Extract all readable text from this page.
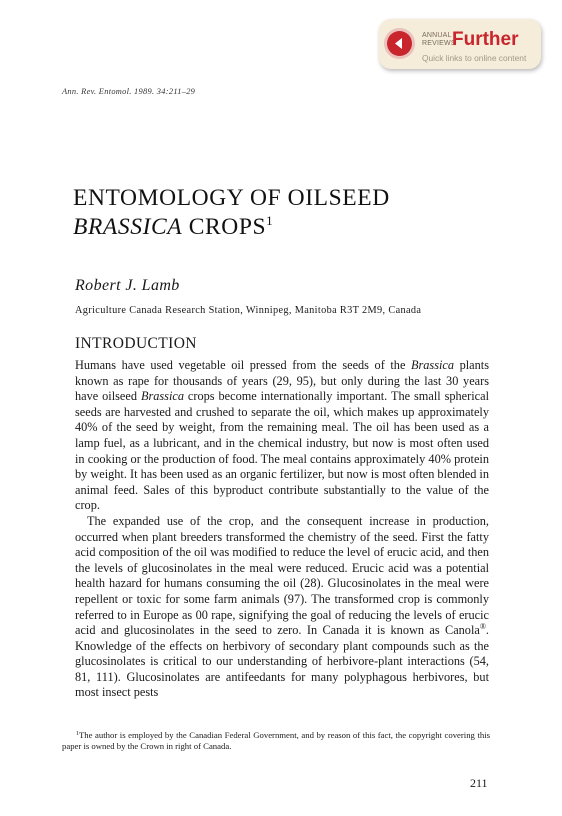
ANNUAL
REVIEWS
Further
Quick links to online content
Ann. Rev. Entomol. 1989. 34:211–29
ENTOMOLOGY OF OILSEED
BRASSICA CROPS$^1$
Robert J. Lamb
Agriculture Canada Research Station, Winnipeg, Manitoba R3T 2M9, Canada
INTRODUCTION

Humans have used vegetable oil pressed from the seeds of the Brassica plants known as rape for thousands of years (29, 95), but only during the last 30 years have oilseed Brassica crops become internationally important. The small spherical seeds are harvested and crushed to separate the oil, which makes up approximately 40% of the seed by weight, from the remaining meal. The oil has been used as a lamp fuel, as a lubricant, and in the chemical industry, but now is most often used in cooking or the production of food. The meal contains approximately 40% protein by weight. It has been used as an organic fertilizer, but now is most often blended in animal feed. Sales of this byproduct contribute substantially to the value of the crop.

The expanded use of the crop, and the consequent increase in production, occurred when plant breeders transformed the chemistry of the seed. First the fatty acid composition of the oil was modified to reduce the level of erucic acid, and then the levels of glucosinolates in the meal were reduced. Erucic acid was a potential health hazard for humans consuming the oil (28). Glucosinolates in the meal were repellent or toxic for some farm animals (97). The transformed crop is commonly referred to in Europe as 00 rape, signifying the goal of reducing the levels of erucic acid and glucosinolates in the seed to zero. In Canada it is known as Canola®. Knowledge of the effects on herbivory of secondary plant compounds such as the glucosinolates is critical to our understanding of herbivore-plant interactions (54, 81, 111). Glucosinolates are antifeedants for many polyphagous herbivores, but most insect pests

$^1$The author is employed by the Canadian Federal Government, and by reason of this fact, the copyright covering this paper is owned by the Crown in right of Canada.
211
